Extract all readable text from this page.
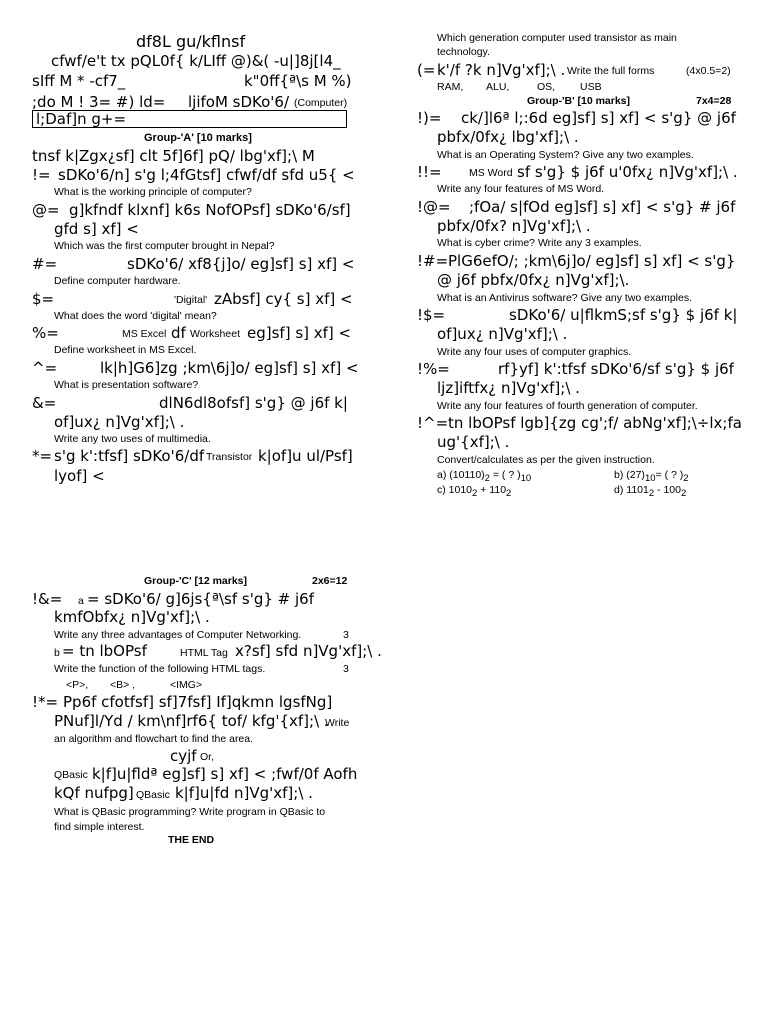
df8L gu/kflnsf
cfwf/e't tx pQL0f{ k/LIff @)&( -u|]8j[l4_
sIff M * -cf7_	k"0ff{ª\s M %)
;do M ! 3= #) ld= ljifoM sDKo'6/ (Computer)
l;Daf]n g+=
Group-'A' [10 marks]
tnsf k|Zgx¿sf] clt 5f]6f] pQ/ lbg'xf];\ M
!= sDKo'6/n] s'g l;4fGtsf] cfwf/df sfd u5{ <
What is the working principle of computer?
@= g]kfndf klxnf] k6s NofOPsf] sDKo'6/sf]
gfd s] xf] <
Which was the first computer brought in Nepal?
#=	sDKo'6/ xf8{j]o/ eg]sf] s] xf] <
Define computer hardware.
$=	'Digital' zAbsf] cy{ s] xf] <
What does the word 'digital' mean?
%=	MS Excel df Worksheet eg]sf] s] xf] <
Define worksheet in MS Excel.
^=	lk|h]G6]zg ;km\6j]o/ eg]sf] s] xf] <
What is presentation software?
&=	dlN6dl8ofsf] s'g} @ j6f k|
of]ux¿ n]Vg'xf];\ .
Write any two uses of multimedia.
*= s'g k':tfsf] sDKo'6/df Transistor k|of]u ul/Psf]
lyof] <
Group-'C' [12 marks]	2x6=12
!&= a = sDKo'6/ g]6js{ª\sf s'g} # j6f
kmfObfx¿ n]Vg'xf];\ .
Write any three advantages of Computer Networking.	3
b = tn lbOPsf	HTML Tag x?sf] sfd n]Vg'xf];\ .
Write the function of the following HTML tags.	3
<P>, <B> ,	<IMG>
!*= Pp6f cfotfsf] sf]7fsf] If]qkmn lgsfNg]
PNuf]l/Yd / km\nf]rf6{ tof/ kfg'{xf];\ .
Write
an algorithm and flowchart to find the area.
cyjf Or,
QBasic k|f]u|fldª eg]sf] s] xf] < ;fwf/0f Aofh
kQf nufpg] QBasic k|f]u|fd n]Vg'xf];\ .
What is QBasic programming? Write program in QBasic to
find simple interest.
THE END
Which generation computer used transistor as main
technology.
(= k'/f ?k n]Vg'xf];\ . Write the full forms	(4x0.5=2)
RAM, ALU,	OS, USB
Group-'B' [10 marks]	7x4=28
!)= ck/]l6ª l;:6d eg]sf] s] xf] < s'g} @ j6f
pbfx/0fx¿ lbg'xf];\ .
What is an Operating System? Give any two examples.
!!=	MS Word sf s'g} $ j6f u'0fx¿ n]Vg'xf];\ .
Write any four features of MS Word.
!@= ;fOa/ s|fOd eg]sf] s] xf] < s'g} # j6f
pbfx/0fx? n]Vg'xf];\ .
What is cyber crime? Write any 3 examples.
!#= PlG6efO/; ;km\6j]o/ eg]sf] s] xf] < s'g}
@ j6f pbfx/0fx¿ n]Vg'xf];\.
What is an Antivirus software? Give any two examples.
!$=	sDKo'6/ u|flkmS;sf s'g} $ j6f k|
of]ux¿ n]Vg'xf];\ .
Write any four uses of computer graphics.
!%=	rf}yf] k':tfsf sDKo'6/sf s'g} $ j6f
ljz]iftfx¿ n]Vg'xf];\ .
Write any four features of fourth generation of computer.
!^= tn lbOPsf lgb]{zg cg';f/ abNg'xf];\÷lx;fa
ug'{xf];\ .
Convert/calculates as per the given instruction.
a) $(10110)_2$ = ( ? )$_{10}$	b) $(27)_{10}=$ ( ? )$_2$
c) $1010_2 + 110_2$	d) $1101_2 - 100_2$
